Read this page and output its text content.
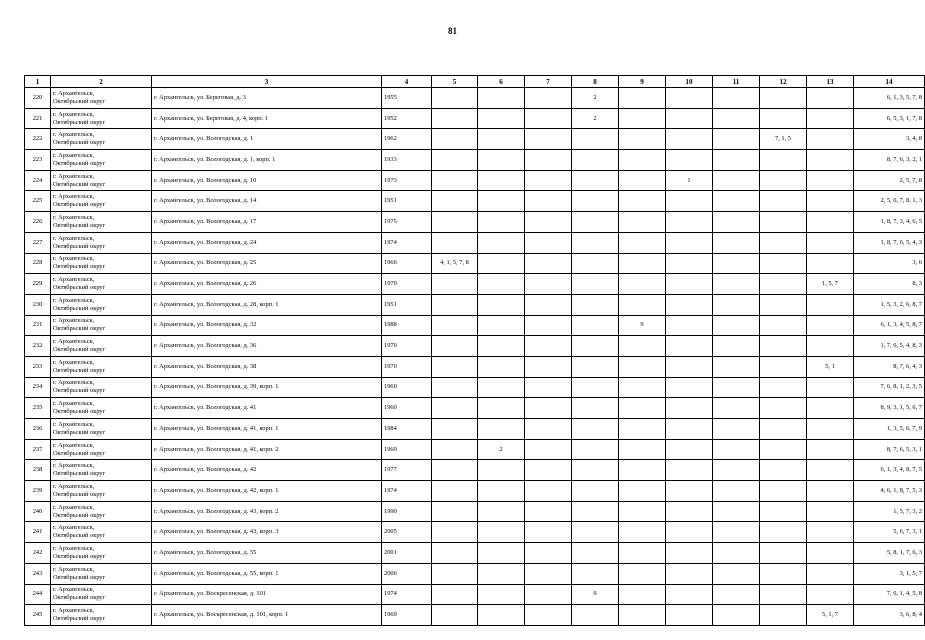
81
1	2	3	4	5	6	7	8	9	10	11	12	13	14
220	г. Архангельск,
Октябрьский округ	г. Архангельск, ул. Береговая, д. 3	1955				2						6, 1, 3, 5, 7, 8
221	г. Архангельск,
Октябрьский округ	г. Архангельск, ул. Береговая, д. 4, корп. 1	1952				2						6, 5, 3, 1, 7, 8
222	г. Архангельск,
Октябрьский округ	г. Архангельск, ул. Вологодская, д. 1	1962								7, 1, 5		3, 4, 8
223	г. Архангельск,
Октябрьский округ	г. Архангельск, ул. Вологодская, д. 1, корп. 1	1933										8, 7, 6, 3, 2, 1
224	г. Архангельск,
Октябрьский округ	г. Архангельск, ул. Вологодская, д. 10	1973						1				2, 5, 7, 8
225	г. Архангельск,
Октябрьский округ	г. Архангельск, ул. Вологодская, д. 14	1951										2, 5, 6, 7, 8, 1, 3
226	г. Архангельск,
Октябрьский округ	г. Архангельск, ул. Вологодская, д. 17	1975										1, 8, 7, 3, 4, 6, 5
227	г. Архангельск,
Октябрьский округ	г. Архангельск, ул. Вологодская, д. 24	1974										1, 8, 7, 6, 5, 4, 3
228	г. Архангельск,
Октябрьский округ	г. Архангельск, ул. Вологодская, д. 25	1966	4, 1, 5, 7, 8									3, 6
229	г. Архангельск,
Октябрьский округ	г. Архангельск, ул. Вологодская, д. 26	1970									1, 5, 7	8, 3
230	г. Архангельск,
Октябрьский округ	г. Архангельск, ул. Вологодская, д. 28, корп. 1	1951										1, 5, 3, 2, 6, 8, 7
231	г. Архангельск,
Октябрьский округ	г. Архангельск, ул. Вологодская, д. 32	1988					9					6, 1, 3, 4, 5, 8, 7
232	г. Архангельск,
Октябрьский округ	г. Архангельск, ул. Вологодская, д. 36	1970										1, 7, 6, 5, 4, 8, 3
233	г. Архангельск,
Октябрьский округ	г. Архангельск, ул. Вологодская, д. 38	1970									5, 1	8, 7, 6, 4, 3
234	г. Архангельск,
Октябрьский округ	г. Архангельск, ул. Вологодская, д. 39, корп. 1	1960										7, 6, 8, 1, 2, 3, 5
235	г. Архангельск,
Октябрьский округ	г. Архангельск, ул. Вологодская, д. 41	1960										8, 9, 3, 1, 5, 6, 7
236	г. Архангельск,
Октябрьский округ	г. Архангельск, ул. Вологодская, д. 41, корп. 1	1984										1, 3, 5, 6, 7, 9
237	г. Архангельск,
Октябрьский округ	г. Архангельск, ул. Вологодская, д. 41, корп. 2	1960		2								8, 7, 6, 5, 3, 1
238	г. Архангельск,
Октябрьский округ	г. Архангельск, ул. Вологодская, д. 42	1977										6, 1, 3, 4, 8, 7, 5
239	г. Архангельск,
Октябрьский округ	г. Архангельск, ул. Вологодская, д. 42, корп. 1	1974										4, 6, 1, 8, 7, 5, 3
240	г. Архангельск,
Октябрьский округ	г. Архангельск, ул. Вологодская, д. 43, корп. 2	1990										1, 5, 7, 3, 2
241	г. Архангельск,
Октябрьский округ	г. Архангельск, ул. Вологодская, д. 43, корп. 3	2005										5, 6, 7, 3, 1
242	г. Архангельск,
Октябрьский округ	г. Архангельск, ул. Вологодская, д. 55	2001										5, 8, 1, 7, 6, 3
243	г. Архангельск,
Октябрьский округ	г. Архангельск, ул. Вологодская, д. 55, корп. 1	2006										3, 1, 5, 7
244	г. Архангельск,
Октябрьский округ	г. Архангельск, ул. Воскресенская, д. 101	1974				9						7, 6, 1, 4, 5, 8
245	г. Архангельск,
Октябрьский округ	г. Архангельск, ул. Воскресенская, д. 101, корп. 1	1969									5, 1, 7	3, 6, 8, 4
